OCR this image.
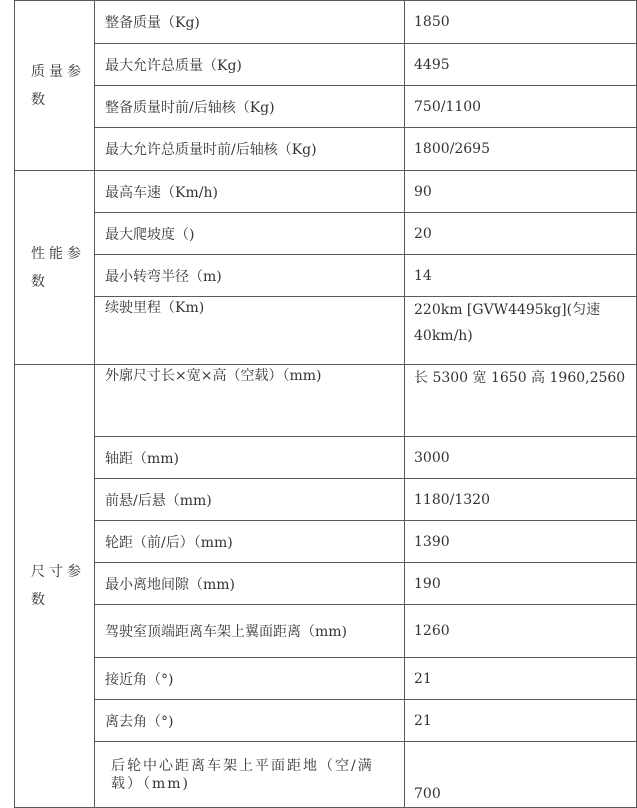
质量参
数	整备质量（Kg)	1850
	最大允许总质量（Kg)	4495
	整备质量时前/后轴核（Kg)	750/1100
	最大允许总质量时前/后轴核（Kg)	1800/2695

性能参
数	最高车速（Km/h)	90
	最大爬坡度（)	20
	最小转弯半径（m)	14
	续驶里程（Km)	220km [GVW4495kg](匀速 40km/h)

尺寸参
数	外廓尺寸长×宽×高（空载）（mm)	长 5300 宽 1650 高 1960,2560
	轴距（mm)	3000
	前悬/后悬（mm)	1180/1320
	轮距（前/后）（mm)	1390
	最小离地间隙（mm)	190
	驾驶室顶端距离车架上翼面距离（mm)	1260
	接近角（°)	21
	离去角（°)	21
	后轮中心距离车架上平面距地（空/满载）（mm)	700
